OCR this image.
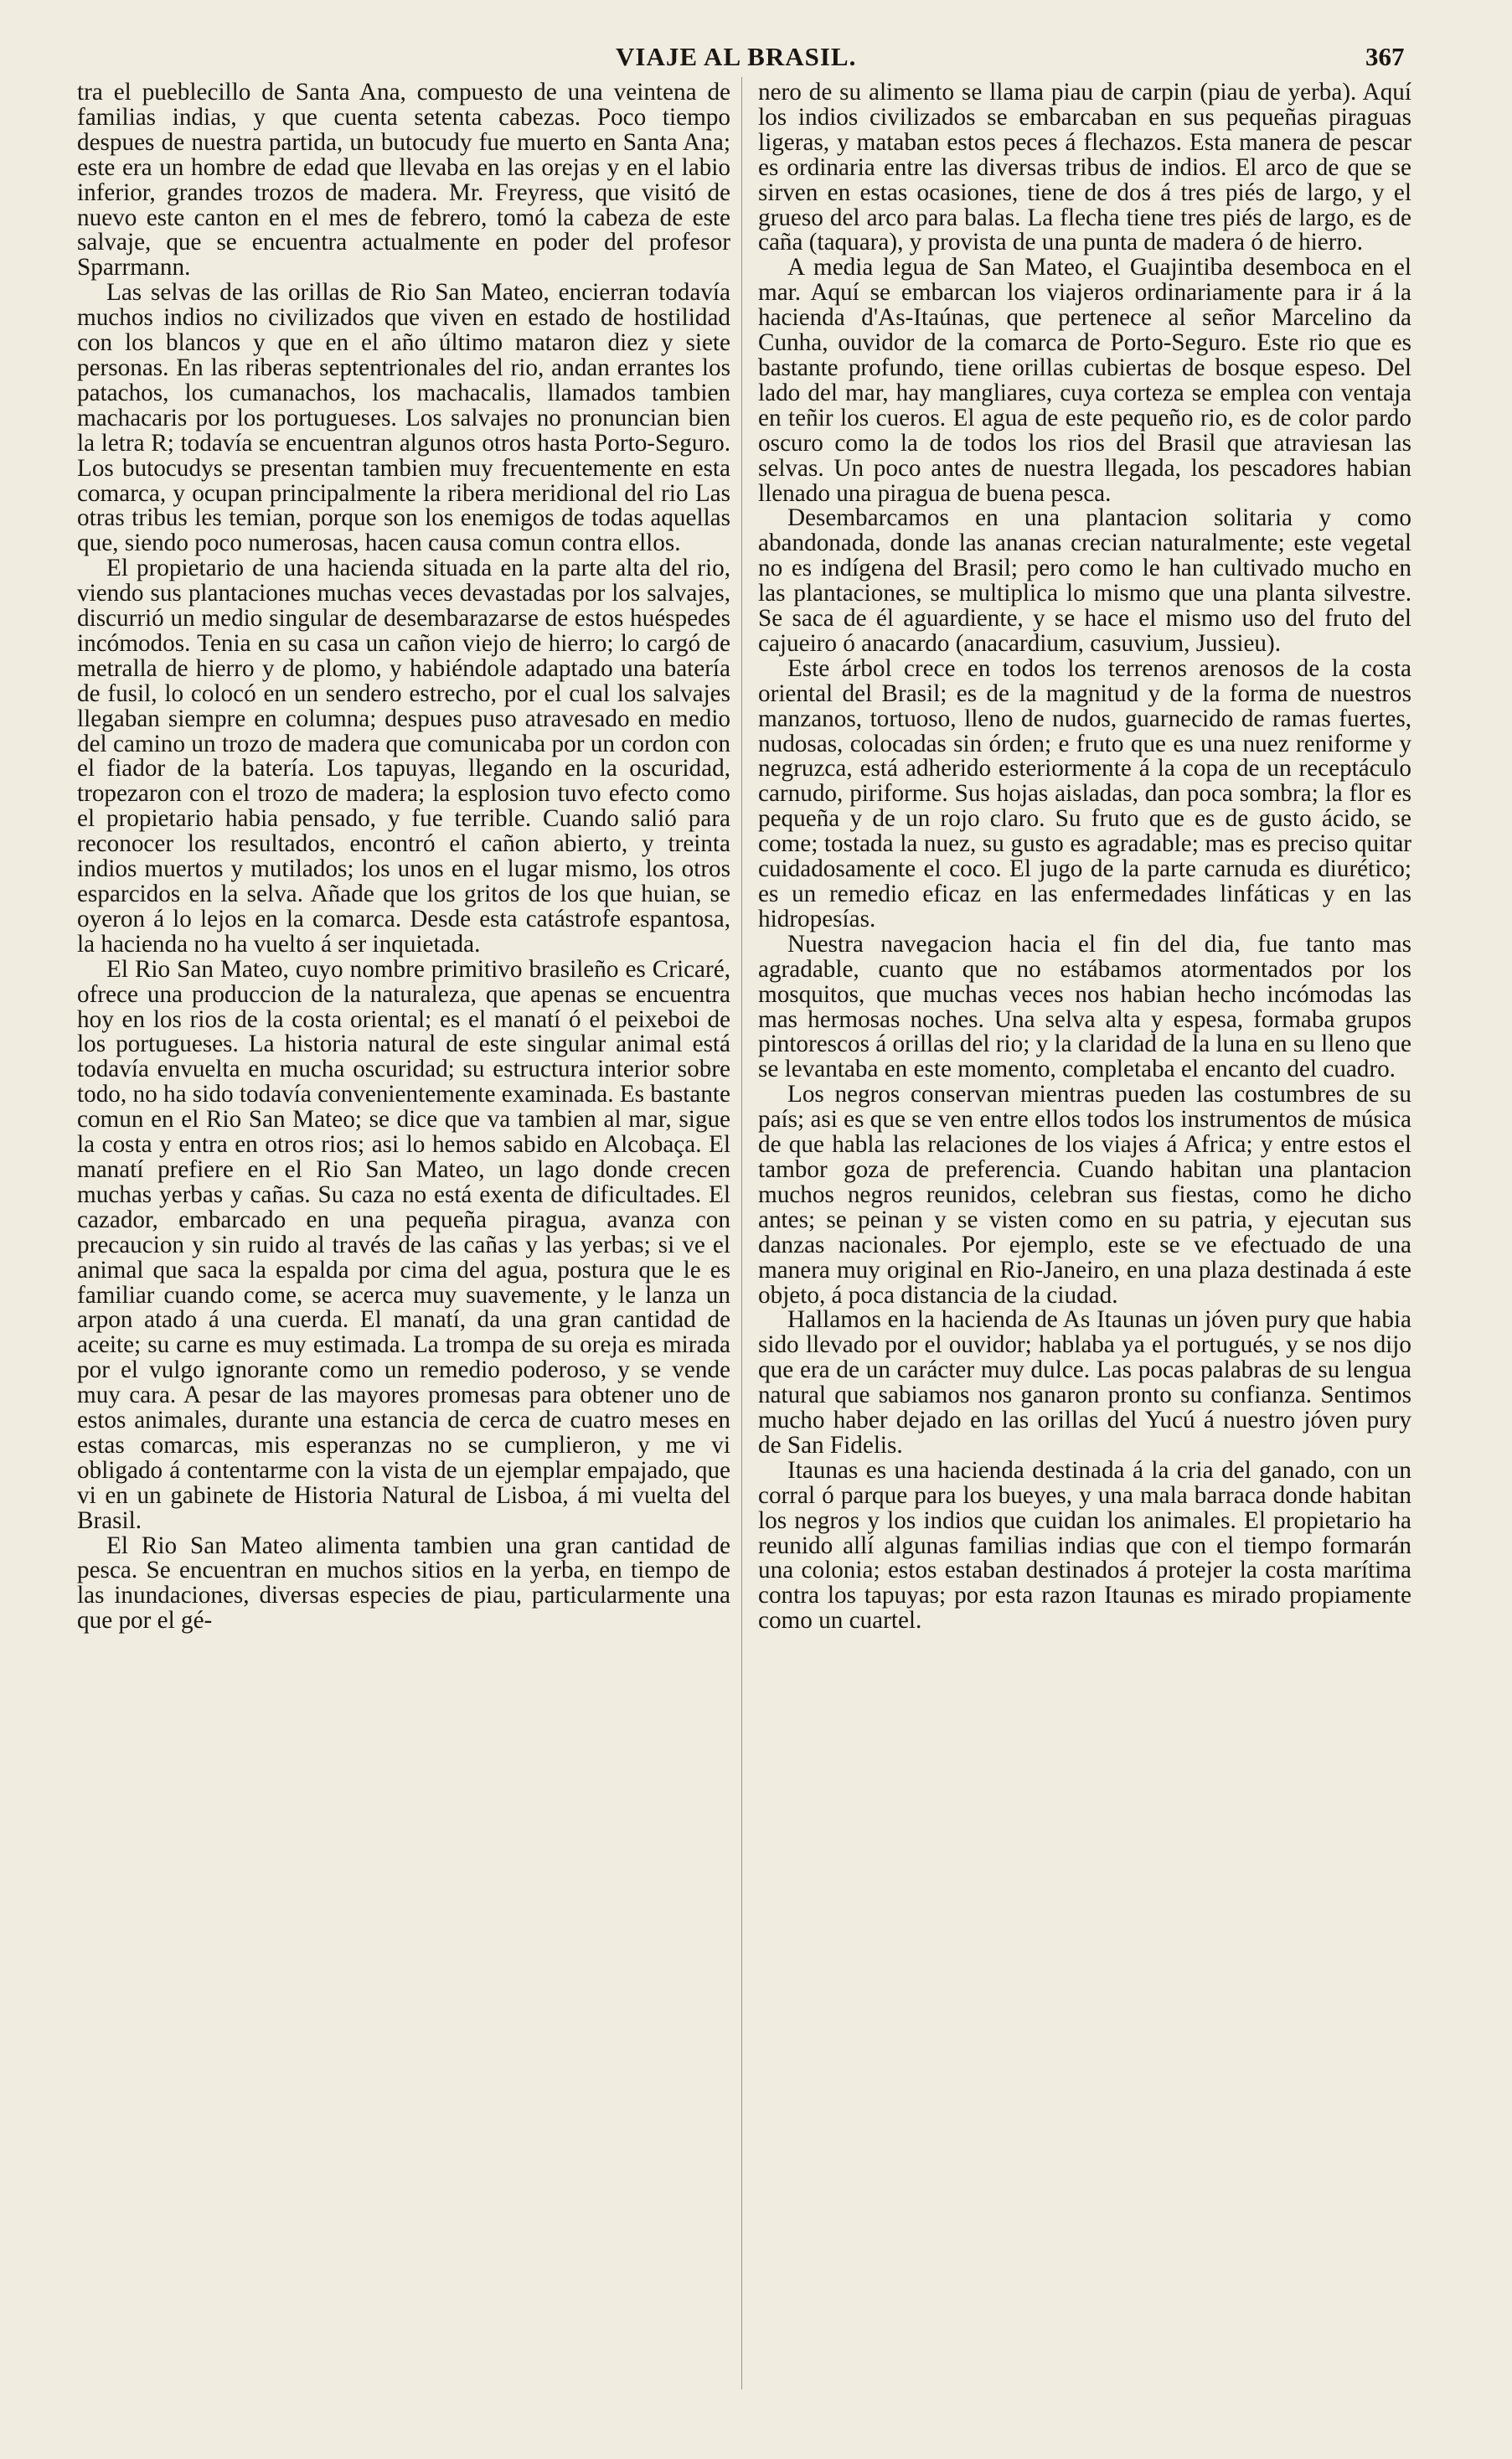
VIAJE AL BRASIL.	367

tra el pueblecillo de Santa Ana, compuesto de una veintena de familias indias, y que cuenta setenta cabezas. Poco tiempo despues de nuestra partida, un butocudy fue muerto en Santa Ana; este era un hombre de edad que llevaba en las orejas y en el labio inferior, grandes trozos de madera. Mr. Freyress, que visitó de nuevo este canton en el mes de febrero, tomó la cabeza de este salvaje, que se encuentra actualmente en poder del profesor Sparrmann.

Las selvas de las orillas de Rio San Mateo, encierran todavía muchos indios no civilizados que viven en estado de hostilidad con los blancos y que en el año último mataron diez y siete personas. En las riberas septentrionales del rio, andan errantes los patachos, los cumanachos, los machacalis, llamados tambien machacaris por los portugueses. Los salvajes no pronuncian bien la letra R; todavía se encuentran algunos otros hasta Porto-Seguro. Los butocudys se presentan tambien muy frecuentemente en esta comarca, y ocupan principalmente la ribera meridional del rio Las otras tribus les temian, porque son los enemigos de todas aquellas que, siendo poco numerosas, hacen causa comun contra ellos.

El propietario de una hacienda situada en la parte alta del rio, viendo sus plantaciones muchas veces devastadas por los salvajes, discurrió un medio singular de desembarazarse de estos huéspedes incómodos. Tenia en su casa un cañon viejo de hierro; lo cargó de metralla de hierro y de plomo, y habiéndole adaptado una batería de fusil, lo colocó en un sendero estrecho, por el cual los salvajes llegaban siempre en columna; despues puso atravesado en medio del camino un trozo de madera que comunicaba por un cordon con el fiador de la batería. Los tapuyas, llegando en la oscuridad, tropezaron con el trozo de madera; la esplosion tuvo efecto como el propietario habia pensado, y fue terrible. Cuando salió para reconocer los resultados, encontró el cañon abierto, y treinta indios muertos y mutilados; los unos en el lugar mismo, los otros esparcidos en la selva. Añade que los gritos de los que huian, se oyeron á lo lejos en la comarca. Desde esta catástrofe espantosa, la hacienda no ha vuelto á ser inquietada.

El Rio San Mateo, cuyo nombre primitivo brasileño es Cricaré, ofrece una produccion de la naturaleza, que apenas se encuentra hoy en los rios de la costa oriental; es el manatí ó el peixeboi de los portugueses. La historia natural de este singular animal está todavía envuelta en mucha oscuridad; su estructura interior sobre todo, no ha sido todavía convenientemente examinada. Es bastante comun en el Rio San Mateo; se dice que va tambien al mar, sigue la costa y entra en otros rios; asi lo hemos sabido en Alcobaça. El manatí prefiere en el Rio San Mateo, un lago donde crecen muchas yerbas y cañas. Su caza no está exenta de dificultades. El cazador, embarcado en una pequeña piragua, avanza con precaucion y sin ruido al través de las cañas y las yerbas; si ve el animal que saca la espalda por cima del agua, postura que le es familiar cuando come, se acerca muy suavemente, y le lanza un arpon atado á una cuerda. El manatí, da una gran cantidad de aceite; su carne es muy estimada. La trompa de su oreja es mirada por el vulgo ignorante como un remedio poderoso, y se vende muy cara. A pesar de las mayores promesas para obtener uno de estos animales, durante una estancia de cerca de cuatro meses en estas comarcas, mis esperanzas no se cumplieron, y me vi obligado á contentarme con la vista de un ejemplar empajado, que vi en un gabinete de Historia Natural de Lisboa, á mi vuelta del Brasil.

El Rio San Mateo alimenta tambien una gran cantidad de pesca. Se encuentran en muchos sitios en la yerba, en tiempo de las inundaciones, diversas especies de piau, particularmente una que por el gé-

nero de su alimento se llama piau de carpin (piau de yerba). Aquí los indios civilizados se embarcaban en sus pequeñas piraguas ligeras, y mataban estos peces á flechazos. Esta manera de pescar es ordinaria entre las diversas tribus de indios. El arco de que se sirven en estas ocasiones, tiene de dos á tres piés de largo, y el grueso del arco para balas. La flecha tiene tres piés de largo, es de caña (taquara), y provista de una punta de madera ó de hierro.

A media legua de San Mateo, el Guajintiba desemboca en el mar. Aquí se embarcan los viajeros ordinariamente para ir á la hacienda d'As-Itaúnas, que pertenece al señor Marcelino da Cunha, ouvidor de la comarca de Porto-Seguro. Este rio que es bastante profundo, tiene orillas cubiertas de bosque espeso. Del lado del mar, hay mangliares, cuya corteza se emplea con ventaja en teñir los cueros. El agua de este pequeño rio, es de color pardo oscuro como la de todos los rios del Brasil que atraviesan las selvas. Un poco antes de nuestra llegada, los pescadores habian llenado una piragua de buena pesca.

Desembarcamos en una plantacion solitaria y como abandonada, donde las ananas crecian naturalmente; este vegetal no es indígena del Brasil; pero como le han cultivado mucho en las plantaciones, se multiplica lo mismo que una planta silvestre. Se saca de él aguardiente, y se hace el mismo uso del fruto del cajueiro ó anacardo (anacardium, casuvium, Jussieu).

Este árbol crece en todos los terrenos arenosos de la costa oriental del Brasil; es de la magnitud y de la forma de nuestros manzanos, tortuoso, lleno de nudos, guarnecido de ramas fuertes, nudosas, colocadas sin órden; e fruto que es una nuez reniforme y negruzca, está adherido esteriormente á la copa de un receptáculo carnudo, piriforme. Sus hojas aisladas, dan poca sombra; la flor es pequeña y de un rojo claro. Su fruto que es de gusto ácido, se come; tostada la nuez, su gusto es agradable; mas es preciso quitar cuidadosamente el coco. El jugo de la parte carnuda es diurético; es un remedio eficaz en las enfermedades linfáticas y en las hidropesías.

Nuestra navegacion hacia el fin del dia, fue tanto mas agradable, cuanto que no estábamos atormentados por los mosquitos, que muchas veces nos habian hecho incómodas las mas hermosas noches. Una selva alta y espesa, formaba grupos pintorescos á orillas del rio; y la claridad de la luna en su lleno que se levantaba en este momento, completaba el encanto del cuadro.

Los negros conservan mientras pueden las costumbres de su país; asi es que se ven entre ellos todos los instrumentos de música de que habla las relaciones de los viajes á Africa; y entre estos el tambor goza de preferencia. Cuando habitan una plantacion muchos negros reunidos, celebran sus fiestas, como he dicho antes; se peinan y se visten como en su patria, y ejecutan sus danzas nacionales. Por ejemplo, este se ve efectuado de una manera muy original en Rio-Janeiro, en una plaza destinada á este objeto, á poca distancia de la ciudad.

Hallamos en la hacienda de As Itaunas un jóven pury que habia sido llevado por el ouvidor; hablaba ya el portugués, y se nos dijo que era de un carácter muy dulce. Las pocas palabras de su lengua natural que sabiamos nos ganaron pronto su confianza. Sentimos mucho haber dejado en las orillas del Yucú á nuestro jóven pury de San Fidelis.

Itaunas es una hacienda destinada á la cria del ganado, con un corral ó parque para los bueyes, y una mala barraca donde habitan los negros y los indios que cuidan los animales. El propietario ha reunido allí algunas familias indias que con el tiempo formarán una colonia; estos estaban destinados á protejer la costa marítima contra los tapuyas; por esta razon Itaunas es mirado propiamente como un cuartel.
